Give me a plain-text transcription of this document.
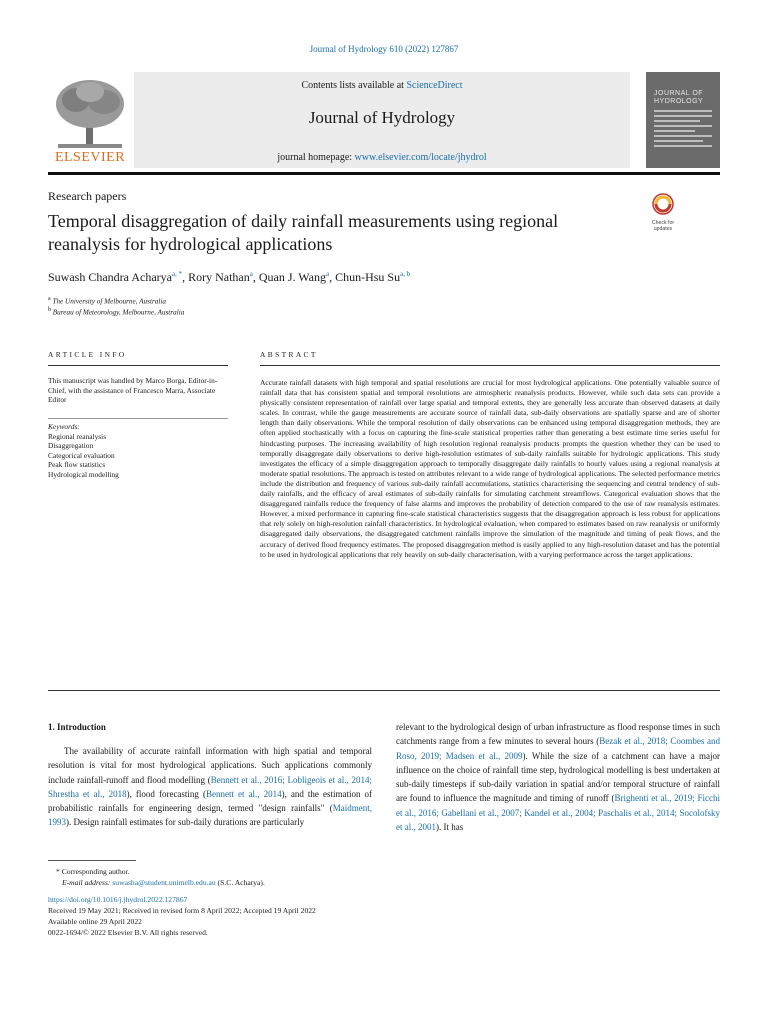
Journal of Hydrology 610 (2022) 127867
ELSEVIER
JOURNAL OF HYDROLOGY
Contents lists available at ScienceDirect
Journal of Hydrology
journal homepage: www.elsevier.com/locate/jhydrol
Research papers
Temporal disaggregation of daily rainfall measurements using regional reanalysis for hydrological applications
Check for updates
Suwash Chandra Acharya$^{a, *}$, Rory Nathan$^a$, Quan J. Wang$^a$, Chun-Hsu Su$^{a, b}$
$^a$ The University of Melbourne, Australia
$^b$ Bureau of Meteorology, Melbourne, Australia
ARTICLE INFO
This manuscript was handled by Marco Borga, Editor-in-Chief, with the assistance of Francesco Marra, Associate Editor
Keywords:
Regional reanalysis
Disaggregation
Categorical evaluation
Peak flow statistics
Hydrological modelling
ABSTRACT
Accurate rainfall datasets with high temporal and spatial resolutions are crucial for most hydrological applications. One potentially valuable source of rainfall data that has consistent spatial and temporal resolutions are atmospheric reanalysis products. However, while such data sets can provide a physically consistent representation of rainfall over large spatial and temporal extents, they are generally less accurate than observed datasets at daily scales. In contrast, while the gauge measurements are accurate source of rainfall data, sub-daily observations are spatially sparse and are of shorter length than daily observations. While the temporal resolution of daily observations can be enhanced using temporal disaggregation methods, they are often applied stochastically with a focus on capturing the fine-scale statistical properties rather than generating a best estimate time series useful for hindcasting purposes. The increasing availability of high resolution regional reanalysis products prompts the question whether they can be used to temporally disaggregate daily observations to derive high-resolution estimates of sub-daily rainfalls suitable for hydrologic applications. This study investigates the efficacy of a simple disaggregation approach to temporally disaggregate daily rainfalls to hourly values using a regional reanalysis at moderate spatial resolutions. The approach is tested on attributes relevant to a wide range of hydrological applications. The selected performance metrics include the distribution and frequency of various sub-daily rainfall accumulations, statistics characterising the sequencing and central tendency of sub-daily rainfalls, and the efficacy of areal estimates of sub-daily rainfalls for simulating catchment streamflows. Categorical evaluation shows that the disaggregated rainfalls reduce the frequency of false alarms and improves the probability of detection compared to the use of raw reanalysis estimates. However, a mixed performance in capturing fine-scale statistical characteristics suggests that the disaggregation approach is less robust for applications that rely solely on high-resolution rainfall characteristics. In hydrological evaluation, when compared to estimates based on raw reanalysis or uniformly disaggregated daily observations, the disaggregated catchment rainfalls improve the simulation of the magnitude and timing of peak flows, and the accuracy of derived flood frequency estimates. The proposed disaggregation method is easily applied to any high-resolution dataset and has the potential to be used in hydrological applications that rely heavily on sub-daily characterisation, with a varying performance across the target applications.
1. Introduction
The availability of accurate rainfall information with high spatial and temporal resolution is vital for most hydrological applications. Such applications commonly include rainfall-runoff and flood modelling (Bennett et al., 2016; Lobligeois et al., 2014; Shrestha et al., 2018), flood forecasting (Bennett et al., 2014), and the estimation of probabilistic rainfalls for engineering design, termed "design rainfalls" (Maidment, 1993). Design rainfall estimates for sub-daily durations are particularly
relevant to the hydrological design of urban infrastructure as flood response times in such catchments range from a few minutes to several hours (Bezak et al., 2018; Coombes and Roso, 2019; Madsen et al., 2009). While the size of a catchment can have a major influence on the choice of rainfall time step, hydrological modelling is best undertaken at sub-daily timesteps if sub-daily variation in spatial and/or temporal structure of rainfall are found to influence the magnitude and timing of runoff (Brighenti et al., 2019; Ficchì et al., 2016; Gabellani et al., 2007; Kandel et al., 2004; Paschalis et al., 2014; Socolofsky et al., 2001). It has
* Corresponding author.
E-mail address: suwasha@student.unimelb.edu.au (S.C. Acharya).
https://doi.org/10.1016/j.jhydrol.2022.127867
Received 19 May 2021; Received in revised form 8 April 2022; Accepted 19 April 2022
Available online 29 April 2022
0022-1694/© 2022 Elsevier B.V. All rights reserved.
